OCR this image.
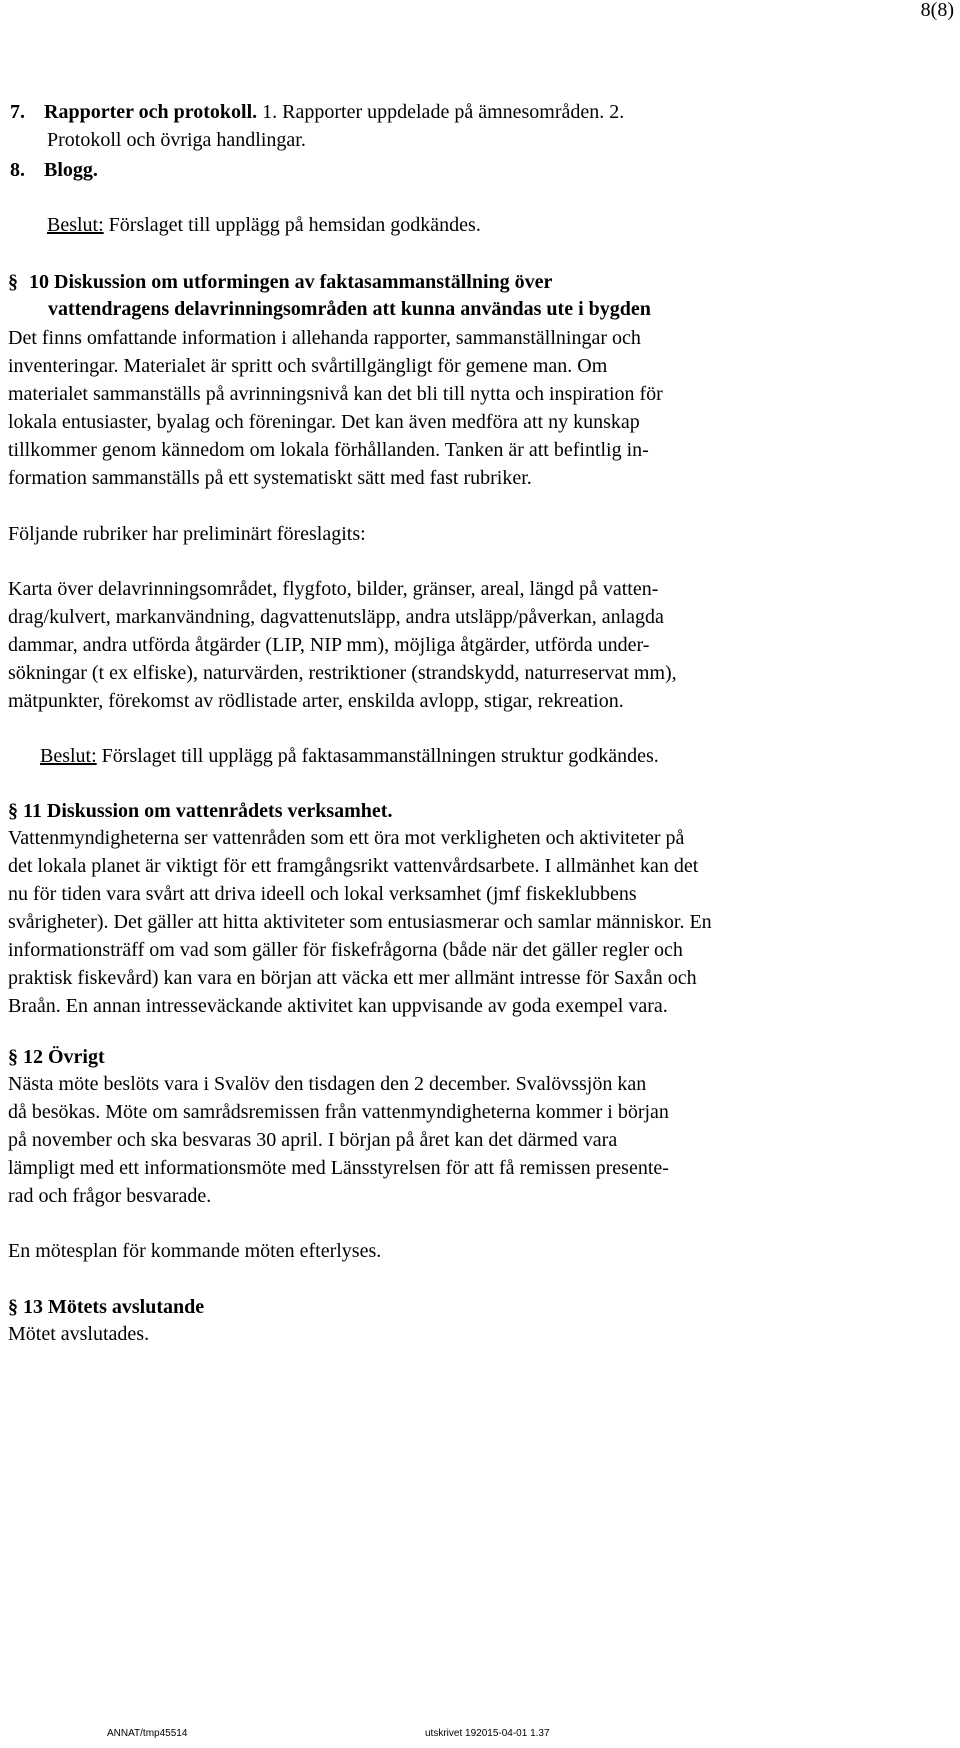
8(8)
7. Rapporter och protokoll. 1. Rapporter uppdelade på ämnesområden. 2.
Protokoll och övriga handlingar.
8. Blogg.
Beslut: Förslaget till upplägg på hemsidan godkändes.
§ 10 Diskussion om utformingen av faktasammanställning över
vattendragens delavrinningsområden att kunna användas ute i bygden
Det finns omfattande information i allehanda rapporter, sammanställningar och
inventeringar. Materialet är spritt och svårtillgängligt för gemene man. Om
materialet sammanställs på avrinningsnivå kan det bli till nytta och inspiration för
lokala entusiaster, byalag och föreningar. Det kan även medföra att ny kunskap
tillkommer genom kännedom om lokala förhållanden. Tanken är att befintlig in-
formation sammanställs på ett systematiskt sätt med fast rubriker.
Följande rubriker har preliminärt föreslagits:
Karta över delavrinningsområdet, flygfoto, bilder, gränser, areal, längd på vatten-
drag/kulvert, markanvändning, dagvattenutsläpp, andra utsläpp/påverkan, anlagda
dammar, andra utförda åtgärder (LIP, NIP mm), möjliga åtgärder, utförda under-
sökningar (t ex elfiske), naturvärden, restriktioner (strandskydd, naturreservat mm),
mätpunkter, förekomst av rödlistade arter, enskilda avlopp, stigar, rekreation.
Beslut: Förslaget till upplägg på faktasammanställningen struktur godkändes.
§ 11 Diskussion om vattenrådets verksamhet.
Vattenmyndigheterna ser vattenråden som ett öra mot verkligheten och aktiviteter på
det lokala planet är viktigt för ett framgångsrikt vattenvårdsarbete. I allmänhet kan det
nu för tiden vara svårt att driva ideell och lokal verksamhet (jmf fiskeklubbens
svårigheter). Det gäller att hitta aktiviteter som entusiasmerar och samlar människor. En
informationsträff om vad som gäller för fiskefrågorna (både när det gäller regler och
praktisk fiskevård) kan vara en början att väcka ett mer allmänt intresse för Saxån och
Braån. En annan intresseväckande aktivitet kan uppvisande av goda exempel vara.
§ 12 Övrigt
Nästa möte beslöts vara i Svalöv den tisdagen den 2 december. Svalövssjön kan
då besökas. Möte om samrådsremissen från vattenmyndigheterna kommer i början
på november och ska besvaras 30 april. I början på året kan det därmed vara
lämpligt med ett informationsmöte med Länsstyrelsen för att få remissen presente-
rad och frågor besvarade.
En mötesplan för kommande möten efterlyses.
§ 13 Mötets avslutande
Mötet avslutades.
ANNAT/tmp45514	utskrivet 192015-04-01 1.37
